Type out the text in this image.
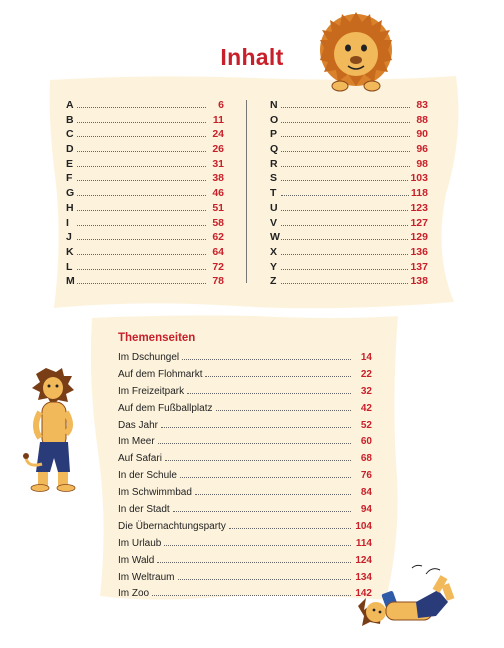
Inhalt
A	6
B	11
C	24
D	26
E	31
F	38
G	46
H	51
I	58
J	62
K	64
L	72
M	78
N	83
O	88
P	90
Q	96
R	98
S	103
T	118
U	123
V	127
W	129
X	136
Y	137
Z	138
Themenseiten
Im Dschungel	14
Auf dem Flohmarkt	22
Im Freizeitpark	32
Auf dem Fußballplatz	42
Das Jahr	52
Im Meer	60
Auf Safari	68
In der Schule	76
Im Schwimmbad	84
In der Stadt	94
Die Übernachtungsparty	104
Im Urlaub	114
Im Wald	124
Im Weltraum	134
Im Zoo	142
